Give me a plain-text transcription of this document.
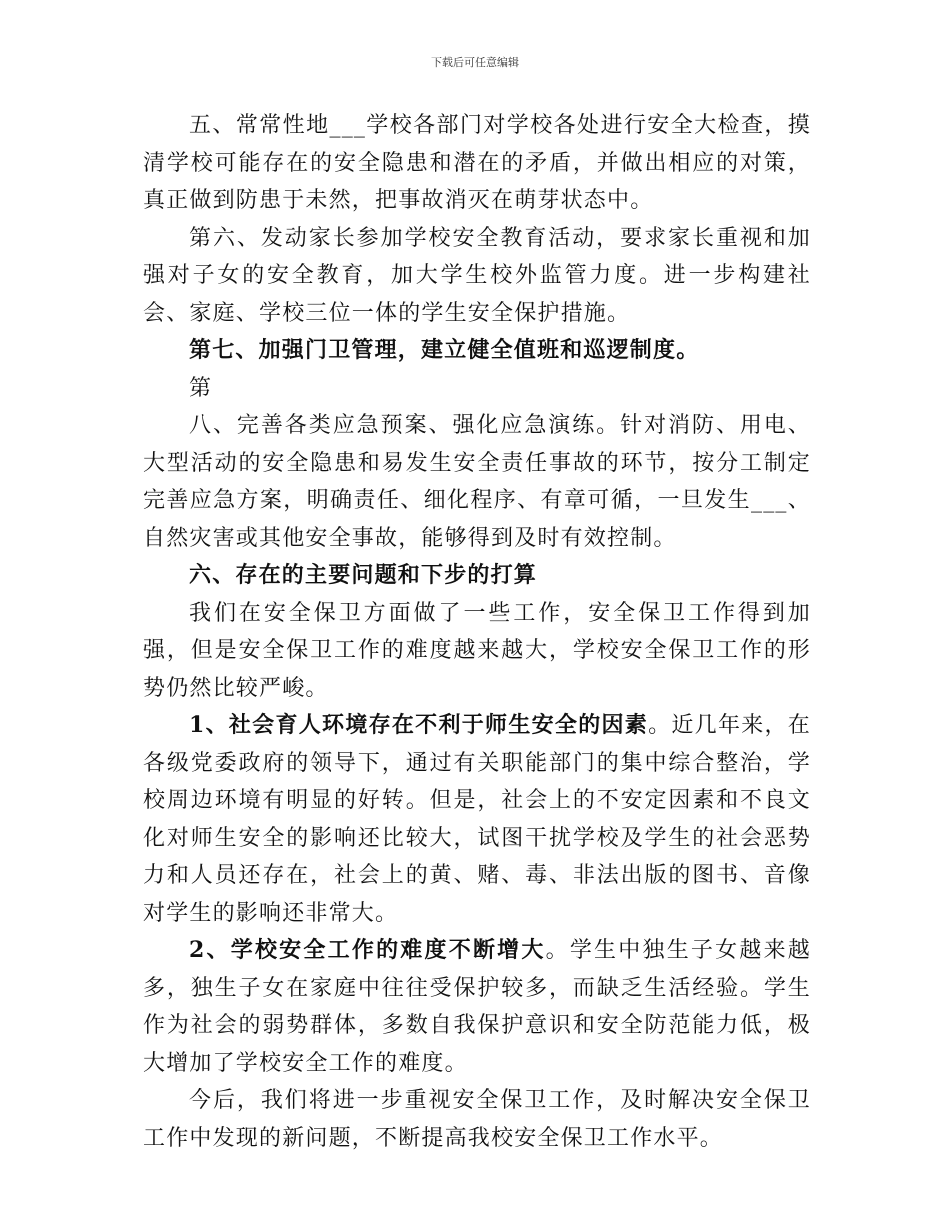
下载后可任意编辑

五、常常性地___学校各部门对学校各处进行安全大检查，摸清学校可能存在的安全隐患和潜在的矛盾，并做出相应的对策，真正做到防患于未然，把事故消灭在萌芽状态中。

第六、发动家长参加学校安全教育活动，要求家长重视和加强对子女的安全教育，加大学生校外监管力度。进一步构建社会、家庭、学校三位一体的学生安全保护措施。

第七、加强门卫管理，建立健全值班和巡逻制度。

第

八、完善各类应急预案、强化应急演练。针对消防、用电、大型活动的安全隐患和易发生安全责任事故的环节，按分工制定完善应急方案，明确责任、细化程序、有章可循，一旦发生___、自然灾害或其他安全事故，能够得到及时有效控制。

六、存在的主要问题和下步的打算

我们在安全保卫方面做了一些工作，安全保卫工作得到加强，但是安全保卫工作的难度越来越大，学校安全保卫工作的形势仍然比较严峻。

1、社会育人环境存在不利于师生安全的因素。近几年来，在各级党委政府的领导下，通过有关职能部门的集中综合整治，学校周边环境有明显的好转。但是，社会上的不安定因素和不良文化对师生安全的影响还比较大，试图干扰学校及学生的社会恶势力和人员还存在，社会上的黄、赌、毒、非法出版的图书、音像对学生的影响还非常大。

2、学校安全工作的难度不断增大。学生中独生子女越来越多，独生子女在家庭中往往受保护较多，而缺乏生活经验。学生作为社会的弱势群体，多数自我保护意识和安全防范能力低，极大增加了学校安全工作的难度。

今后，我们将进一步重视安全保卫工作，及时解决安全保卫工作中发现的新问题，不断提高我校安全保卫工作水平。
